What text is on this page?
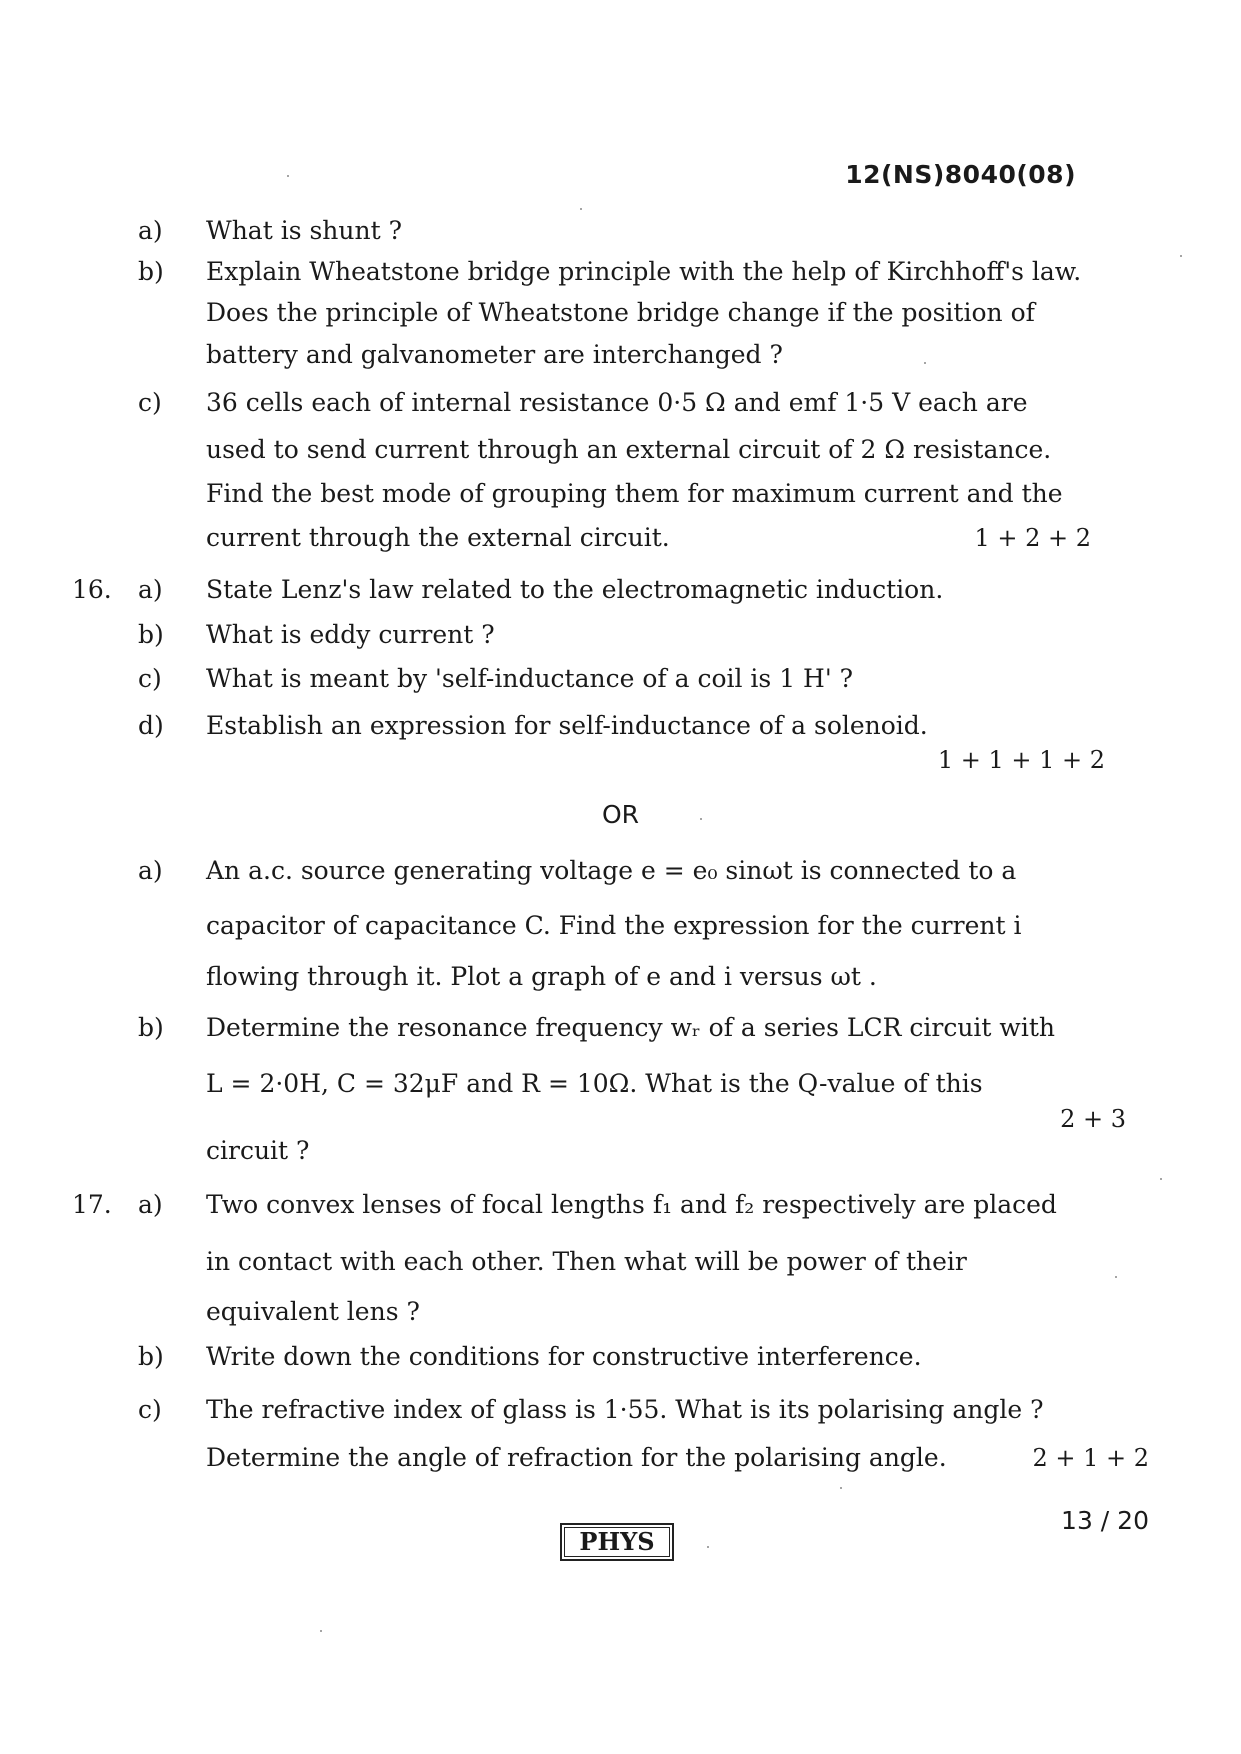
12(NS)8040(08)
a)	What is shunt ?
b)	Explain Wheatstone bridge principle with the help of Kirchhoff's law.
Does the principle of Wheatstone bridge change if the position of
battery and galvanometer are interchanged ?
c)	36 cells each of internal resistance 0·5 Ω and emf 1·5 V each are
used to send current through an external circuit of 2 Ω resistance.
Find the best mode of grouping them for maximum current and the
current through the external circuit.	1 + 2 + 2
16.	a)	State Lenz's law related to the electromagnetic induction.
b)	What is eddy current ?
c)	What is meant by 'self-inductance of a coil is 1 H' ?
d)	Establish an expression for self-inductance of a solenoid.
1 + 1 + 1 + 2
OR
a)	An a.c. source generating voltage e = e₀ sinωt is connected to a
capacitor of capacitance C. Find the expression for the current i
flowing through it. Plot a graph of e and i versus ωt .
b)	Determine the resonance frequency wᵣ of a series LCR circuit with
L = 2·0H, C = 32μF and R = 10Ω. What is the Q-value of this
2 + 3
circuit ?
17.	a)	Two convex lenses of focal lengths f₁ and f₂ respectively are placed
in contact with each other. Then what will be power of their
equivalent lens ?
b)	Write down the conditions for constructive interference.
c)	The refractive index of glass is 1·55. What is its polarising angle ?
Determine the angle of refraction for the polarising angle.	2 + 1 + 2
PHYS
13 / 20
